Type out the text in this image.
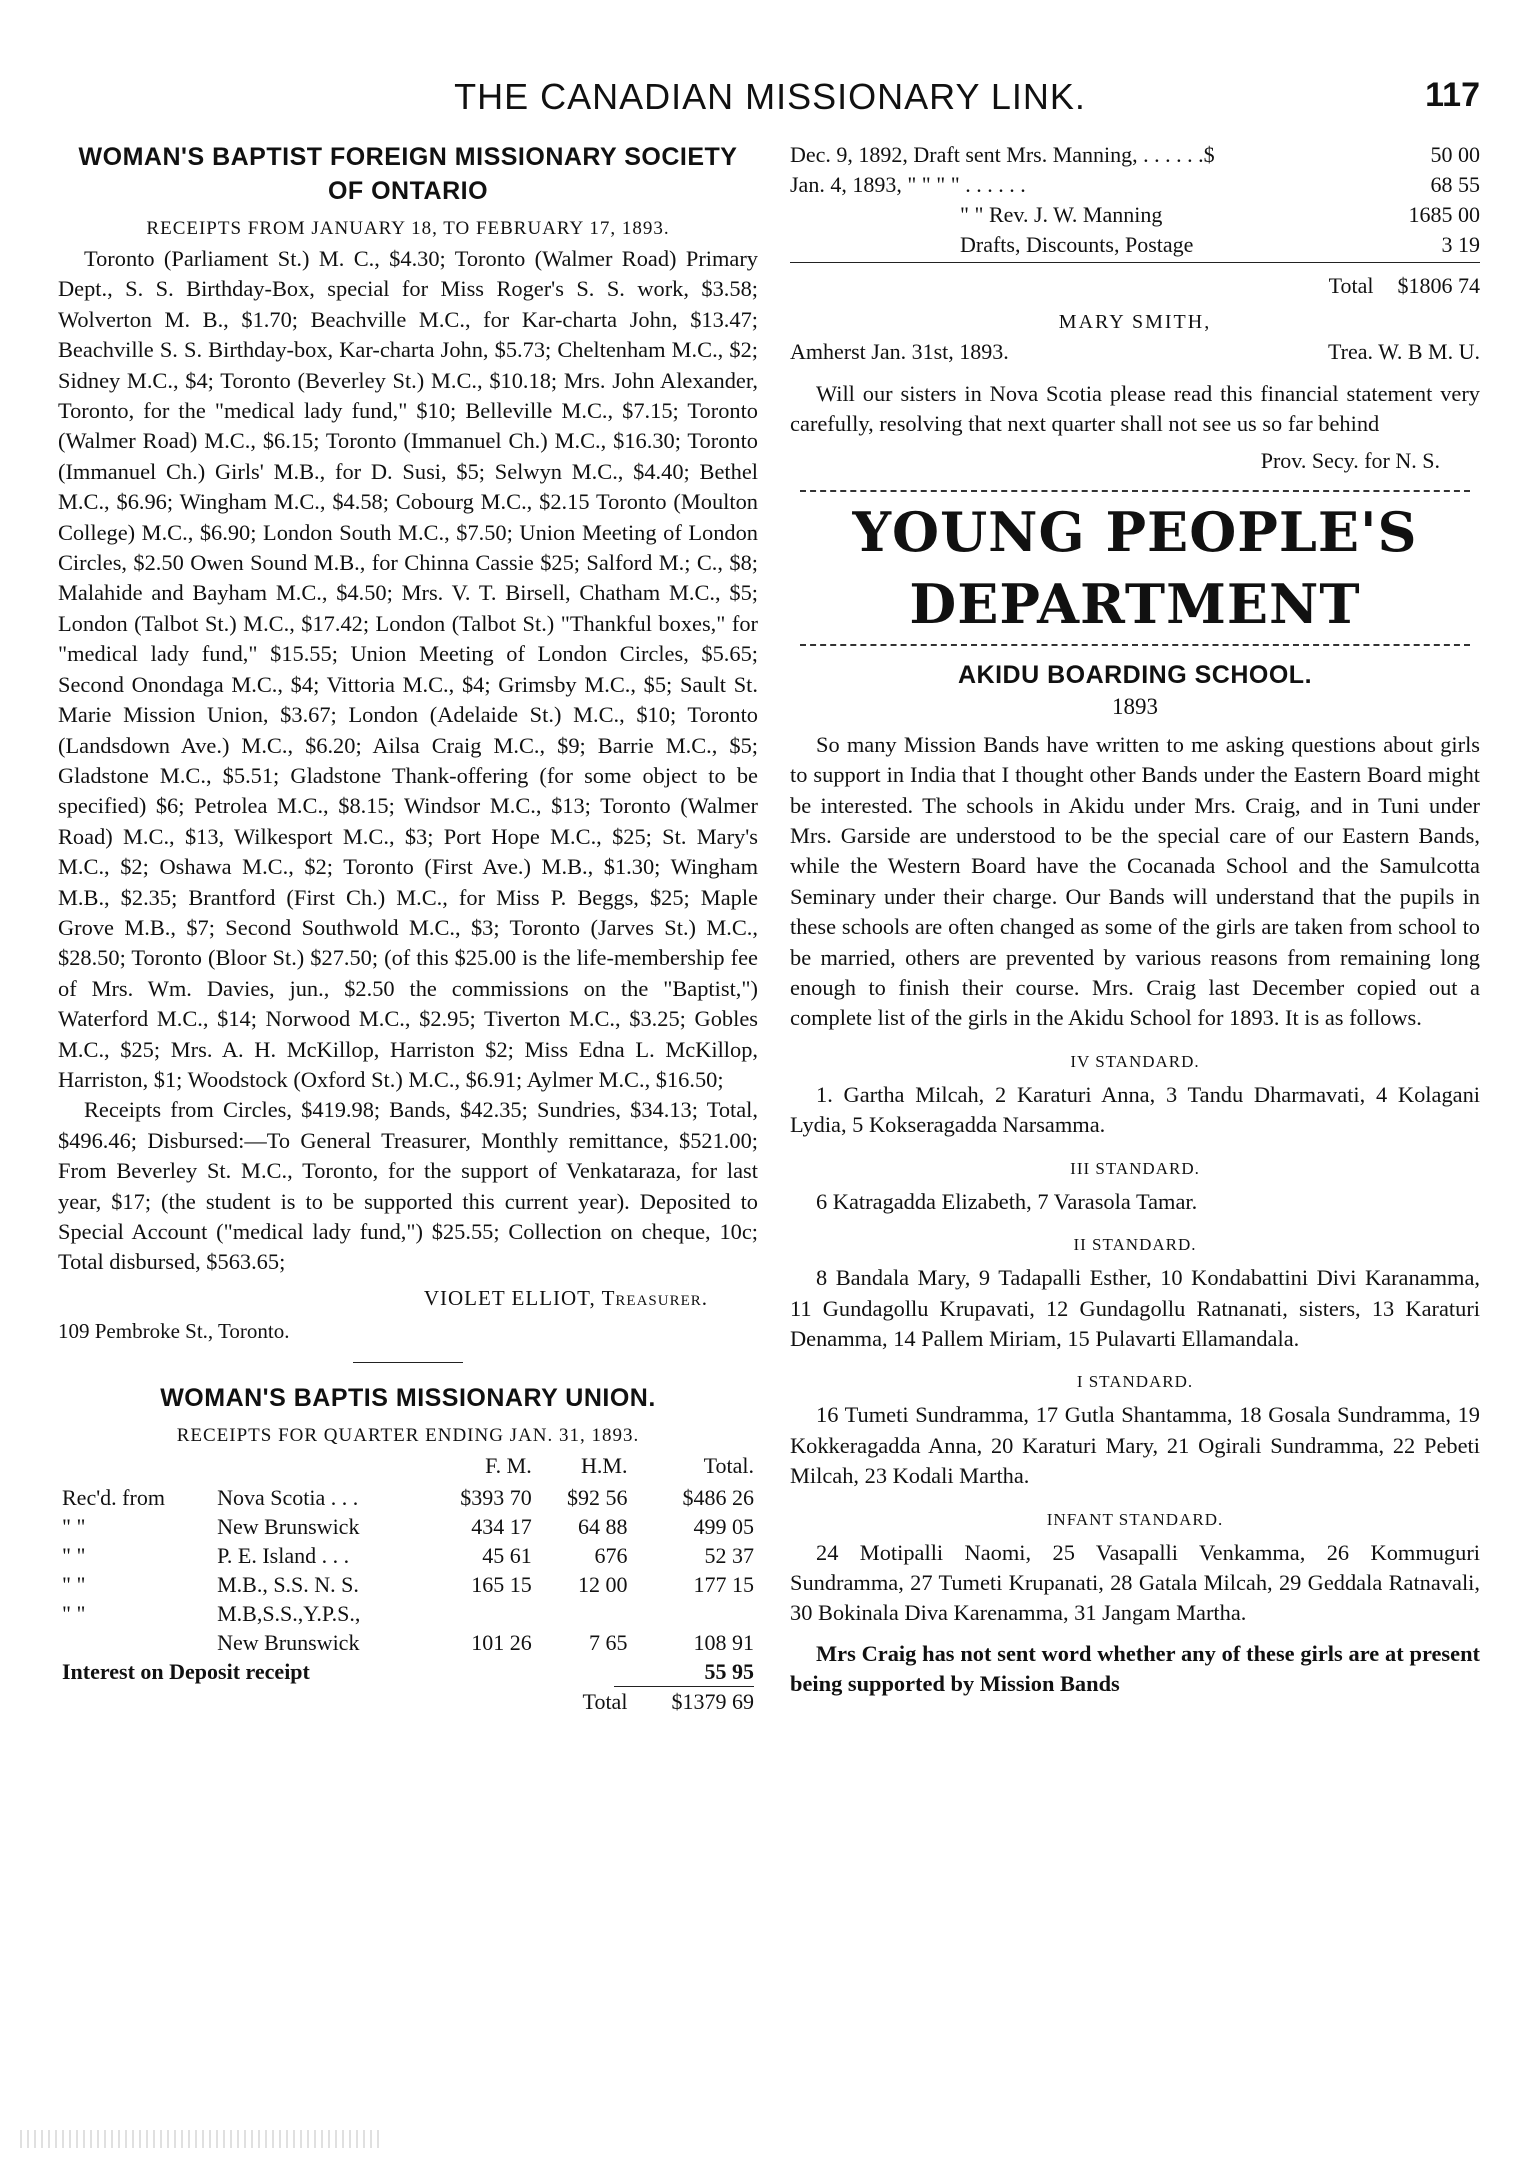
THE CANADIAN MISSIONARY LINK.	117
WOMAN'S BAPTIST FOREIGN MISSIONARY SOCIETY OF ONTARIO
RECEIPTS FROM JANUARY 18, TO FEBRUARY 17, 1893.

Toronto (Parliament St.) M. C., $4.30; Toronto (Walmer Road) Primary Dept., S. S. Birthday-Box, special for Miss Roger's S. S. work, $3.58; Wolverton M. B., $1.70; Beachville M.C., for Kar-charta John, $13.47; Beachville S. S. Birthday-box, Kar-charta John, $5.73; Cheltenham M.C., $2; Sidney M.C., $4; Toronto (Beverley St.) M.C., $10.18; Mrs. John Alexander, Toronto, for the "medical lady fund," $10; Belleville M.C., $7.15; Toronto (Walmer Road) M.C., $6.15; Toronto (Immanuel Ch.) M.C., $16.30; Toronto (Immanuel Ch.) Girls' M.B., for D. Susi, $5; Selwyn M.C., $4.40; Bethel M.C., $6.96; Wingham M.C., $4.58; Cobourg M.C., $2.15 Toronto (Moulton College) M.C., $6.90; London South M.C., $7.50; Union Meeting of London Circles, $2.50 Owen Sound M.B., for Chinna Cassie $25; Salford M.; C., $8; Malahide and Bayham M.C., $4.50; Mrs. V. T. Birsell, Chatham M.C., $5; London (Talbot St.) M.C., $17.42; London (Talbot St.) "Thankful boxes," for "medical lady fund," $15.55; Union Meeting of London Circles, $5.65; Second Onondaga M.C., $4; Vittoria M.C., $4; Grimsby M.C., $5; Sault St. Marie Mission Union, $3.67; London (Adelaide St.) M.C., $10; Toronto (Landsdown Ave.) M.C., $6.20; Ailsa Craig M.C., $9; Barrie M.C., $5; Gladstone M.C., $5.51; Gladstone Thank-offering (for some object to be specified) $6; Petrolea M.C., $8.15; Windsor M.C., $13; Toronto (Walmer Road) M.C., $13, Wilkesport M.C., $3; Port Hope M.C., $25; St. Mary's M.C., $2; Oshawa M.C., $2; Toronto (First Ave.) M.B., $1.30; Wingham M.B., $2.35; Brantford (First Ch.) M.C., for Miss P. Beggs, $25; Maple Grove M.B., $7; Second Southwold M.C., $3; Toronto (Jarves St.) M.C., $28.50; Toronto (Bloor St.) $27.50; (of this $25.00 is the life-membership fee of Mrs. Wm. Davies, jun., $2.50 the commissions on the "Baptist,") Waterford M.C., $14; Norwood M.C., $2.95; Tiverton M.C., $3.25; Gobles M.C., $25; Mrs. A. H. McKillop, Harriston $2; Miss Edna L. McKillop, Harriston, $1; Woodstock (Oxford St.) M.C., $6.91; Aylmer M.C., $16.50;

Receipts from Circles, $419.98; Bands, $42.35; Sundries, $34.13; Total, $496.46; Disbursed:—To General Treasurer, Monthly remittance, $521.00; From Beverley St. M.C., Toronto, for the support of Venkataraza, for last year, $17; (the student is to be supported this current year). Deposited to Special Account ("medical lady fund,") $25.55; Collection on cheque, 10c; Total disbursed, $563.65;

VIOLET ELLIOT, Treasurer.

109 Pembroke St., Toronto.

WOMAN'S BAPTIS MISSIONARY UNION.
RECEIPTS FOR QUARTER ENDING JAN. 31, 1893.
		F. M.	H.M.	Total.
Rec'd. from	Nova Scotia . . .	$393 70	$92 56	$486 26
" "	New Brunswick	434 17	64 88	499 05
" "	P. E. Island . . .	45 61	676	52 37
" "	M.B., S.S. N. S.	165 15	12 00	177 15
" "	M.B,S.S.,Y.P.S.,			
	New Brunswick	101 26	7 65	108 91
Interest on Deposit receipt				55 95

Total				$1379 69
Dec. 9, 1892, Draft sent Mrs. Manning, . . . . . .$	50 00
Jan. 4, 1893, " " " " . . . . . .	68 55
" " Rev. J. W. Manning	1685 00
Drafts, Discounts, Postage	3 19
Total $1806 74
MARY SMITH,
Amherst Jan. 31st, 1893.	Trea. W. B M. U.

Will our sisters in Nova Scotia please read this financial statement very carefully, resolving that next quarter shall not see us so far behind

Prov. Secy. for N. S.
YOUNG PEOPLE'S DEPARTMENT
AKIDU BOARDING SCHOOL.
1893

So many Mission Bands have written to me asking questions about girls to support in India that I thought other Bands under the Eastern Board might be interested. The schools in Akidu under Mrs. Craig, and in Tuni under Mrs. Garside are understood to be the special care of our Eastern Bands, while the Western Board have the Cocanada School and the Samulcotta Seminary under their charge. Our Bands will understand that the pupils in these schools are often changed as some of the girls are taken from school to be married, others are prevented by various reasons from remaining long enough to finish their course. Mrs. Craig last December copied out a complete list of the girls in the Akidu School for 1893. It is as follows.

IV STANDARD.

1. Gartha Milcah, 2 Karaturi Anna, 3 Tandu Dharmavati, 4 Kolagani Lydia, 5 Kokseragadda Narsamma.

III STANDARD.

6 Katragadda Elizabeth, 7 Varasola Tamar.

II STANDARD.

8 Bandala Mary, 9 Tadapalli Esther, 10 Kondabattini Divi Karanamma, 11 Gundagollu Krupavati, 12 Gundagollu Ratnanati, sisters, 13 Karaturi Denamma, 14 Pallem Miriam, 15 Pulavarti Ellamandala.

I STANDARD.

16 Tumeti Sundramma, 17 Gutla Shantamma, 18 Gosala Sundramma, 19 Kokkeragadda Anna, 20 Karaturi Mary, 21 Ogirali Sundramma, 22 Pebeti Milcah, 23 Kodali Martha.

INFANT STANDARD.

24 Motipalli Naomi, 25 Vasapalli Venkamma, 26 Kommuguri Sundramma, 27 Tumeti Krupanati, 28 Gatala Milcah, 29 Geddala Ratnavali, 30 Bokinala Diva Karenamma, 31 Jangam Martha.

Mrs Craig has not sent word whether any of these girls are at present being supported by Mission Bands
